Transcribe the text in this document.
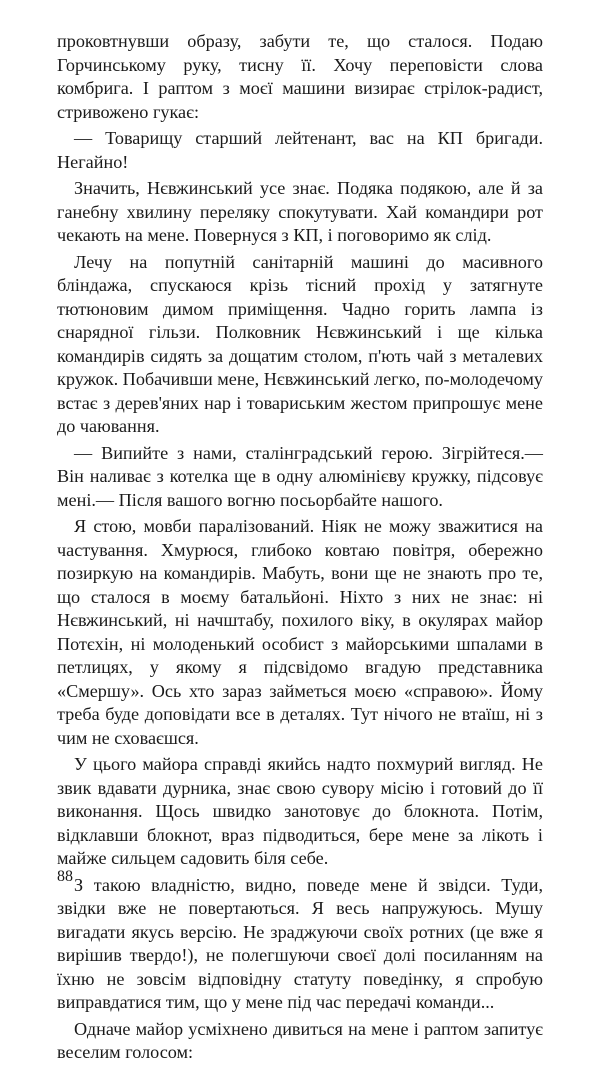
проковтнувши образу, забути те, що сталося. Подаю Горчинському руку, тисну її. Хочу переповісти слова комбрига. І раптом з моєї машини визирає стрілок-радист, стривожено гукає:

— Товарищу старший лейтенант, вас на КП бригади. Негайно!

Значить, Нєвжинський усе знає. Подяка подякою, але й за ганебну хвилину переляку спокутувати. Хай командири рот чекають на мене. Повернуся з КП, і поговоримо як слід.

Лечу на попутній санітарній машині до масивного бліндажа, спускаюся крізь тісний прохід у затягнуте тютюновим димом приміщення. Чадно горить лампа із снарядної гільзи. Полковник Нєвжинський і ще кілька командирів сидять за дощатим столом, п'ють чай з металевих кружок. Побачивши мене, Нєвжинський легко, по-молодечому встає з дерев'яних нар і товариським жестом припрошує мене до чаювання.

— Випийте з нами, сталінградський герою. Зігрійтеся.— Він наливає з котелка ще в одну алюмінієву кружку, підсовує мені.— Після вашого вогню посьорбайте нашого.

Я стою, мовби паралізований. Ніяк не можу зважитися на частування. Хмурюся, глибоко ковтаю повітря, обережно позиркую на командирів. Мабуть, вони ще не знають про те, що сталося в моєму батальйоні. Ніхто з них не знає: ні Нєвжинський, ні начштабу, похилого віку, в окулярах майор Потєхін, ні молоденький особист з майорськими шпалами в петлицях, у якому я підсвідомо вгадую представника «Смершу». Ось хто зараз займеться моєю «справою». Йому треба буде доповідати все в деталях. Тут нічого не втаїш, ні з чим не сховаєшся.

У цього майора справді якийсь надто похмурий вигляд. Не звик вдавати дурника, знає свою сувору місію і готовий до її виконання. Щось швидко занотовує до блокнота. Потім, відклавши блокнот, враз підводиться, бере мене за лікоть і майже сильцем садовить біля себе.

З такою владністю, видно, поведе мене й звідси. Туди, звідки вже не повертаються. Я весь напружуюсь. Мушу вигадати якусь версію. Не зраджуючи своїх ротних (це вже я вирішив твердо!), не полегшуючи своєї долі посиланням на їхню не зовсім відповідну статуту поведінку, я спробую виправдатися тим, що у мене під час передачі команди...

Одначе майор усміхнено дивиться на мене і раптом запитує веселим голосом:

88
